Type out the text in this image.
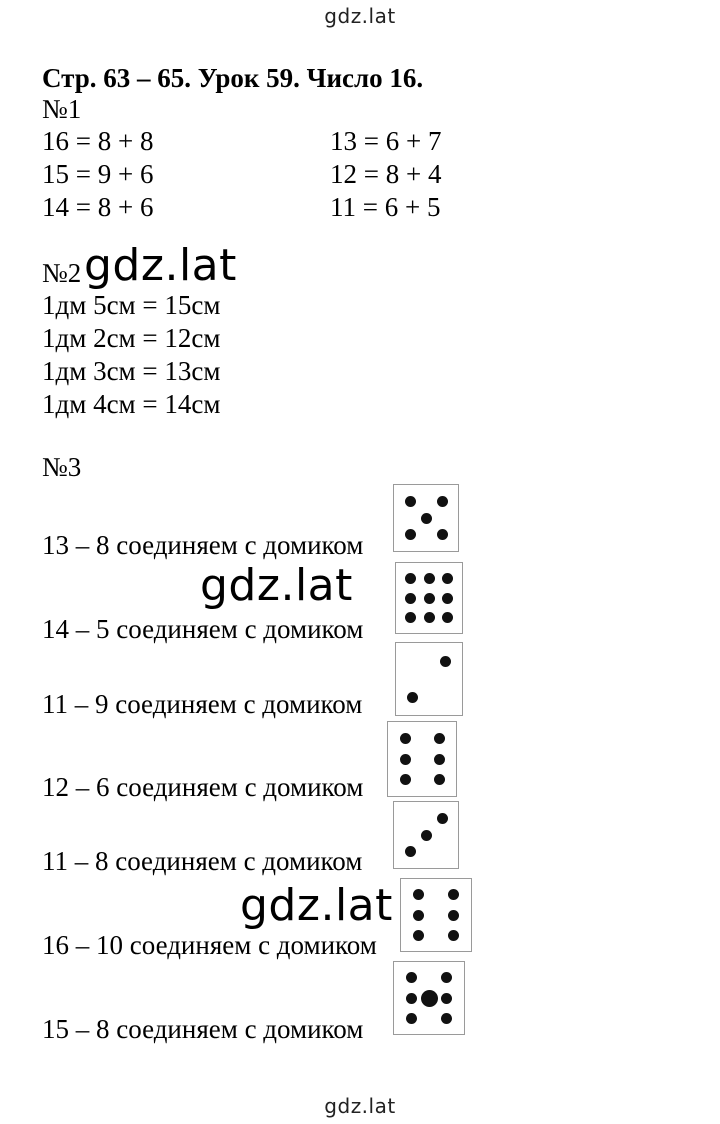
gdz.lat
gdz.lat
gdz.lat
gdz.lat
Стр. 63 – 65. Урок 59. Число 16.
№1
16 = 8 + 8
15 = 9 + 6
14 = 8 + 6
13 = 6 + 7
12 = 8 + 4
11 = 6 + 5
№2
1дм 5см = 15см
1дм 2см = 12см
1дм 3см = 13см
1дм 4см = 14см
№3
13 – 8 соединяем с домиком
14 – 5 соединяем с домиком
11 – 9 соединяем с домиком
12 – 6 соединяем с домиком
11 – 8 соединяем с домиком
16 – 10 соединяем с домиком
15 – 8 соединяем с домиком
gdz.lat
